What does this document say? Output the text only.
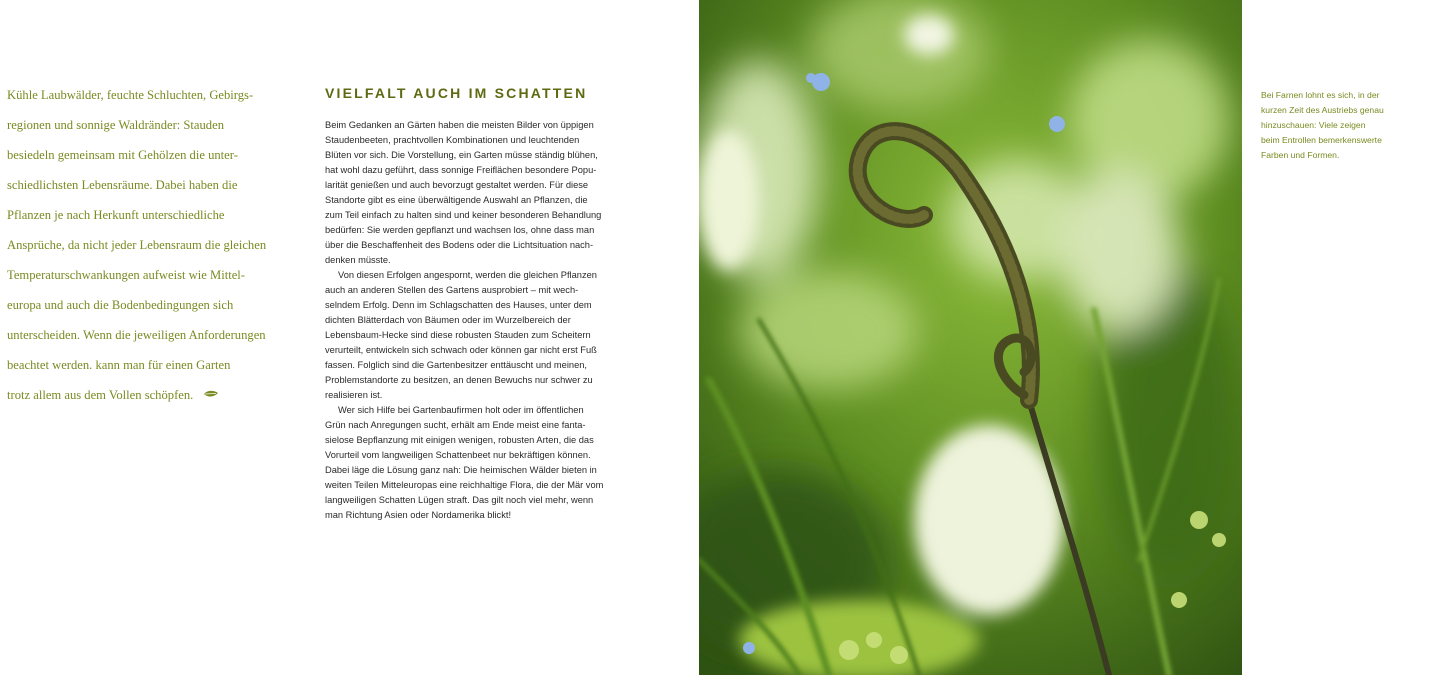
Kühle Laubwälder, feuchte Schluchten, Gebirgs-
regionen und sonnige Waldränder: Stauden
besiedeln gemeinsam mit Gehölzen die unter-
schiedlichsten Lebensräume. Dabei haben die
Pflanzen je nach Herkunft unterschiedliche
Ansprüche, da nicht jeder Lebensraum die gleichen
Temperaturschwankungen aufweist wie Mittel-
europa und auch die Bodenbedingungen sich
unterscheiden. Wenn die jeweiligen Anforderungen
beachtet werden. kann man für einen Garten
trotz allem aus dem Vollen schöpfen.
VIELFALT AUCH IM SCHATTEN
Beim Gedanken an Gärten haben die meisten Bilder von üppigen
Staudenbeeten, prachtvollen Kombinationen und leuchtenden
Blüten vor sich. Die Vorstellung, ein Garten müsse ständig blühen,
hat wohl dazu geführt, dass sonnige Freiflächen besondere Popu-
larität genießen und auch bevorzugt gestaltet werden. Für diese
Standorte gibt es eine überwältigende Auswahl an Pflanzen, die
zum Teil einfach zu halten sind und keiner besonderen Behandlung
bedürfen: Sie werden gepflanzt und wachsen los, ohne dass man
über die Beschaffenheit des Bodens oder die Lichtsituation nach-
denken müsste.
Von diesen Erfolgen angespornt, werden die gleichen Pflanzen
auch an anderen Stellen des Gartens ausprobiert – mit wech-
selndem Erfolg. Denn im Schlagschatten des Hauses, unter dem
dichten Blätterdach von Bäumen oder im Wurzelbereich der
Lebensbaum-Hecke sind diese robusten Stauden zum Scheitern
verurteilt, entwickeln sich schwach oder können gar nicht erst Fuß
fassen. Folglich sind die Gartenbesitzer enttäuscht und meinen,
Problemstandorte zu besitzen, an denen Bewuchs nur schwer zu
realisieren ist.
Wer sich Hilfe bei Gartenbaufirmen holt oder im öffentlichen
Grün nach Anregungen sucht, erhält am Ende meist eine fanta-
sielose Bepflanzung mit einigen wenigen, robusten Arten, die das
Vorurteil vom langweiligen Schattenbeet nur bekräftigen können.
Dabei läge die Lösung ganz nah: Die heimischen Wälder bieten in
weiten Teilen Mitteleuropas eine reichhaltige Flora, die der Mär vom
langweiligen Schatten Lügen straft. Das gilt noch viel mehr, wenn
man Richtung Asien oder Nordamerika blickt!
Bei Farnen lohnt es sich, in der
kurzen Zeit des Austriebs genau
hinzuschauen: Viele zeigen
beim Entrollen bemerkenswerte
Farben und Formen.
